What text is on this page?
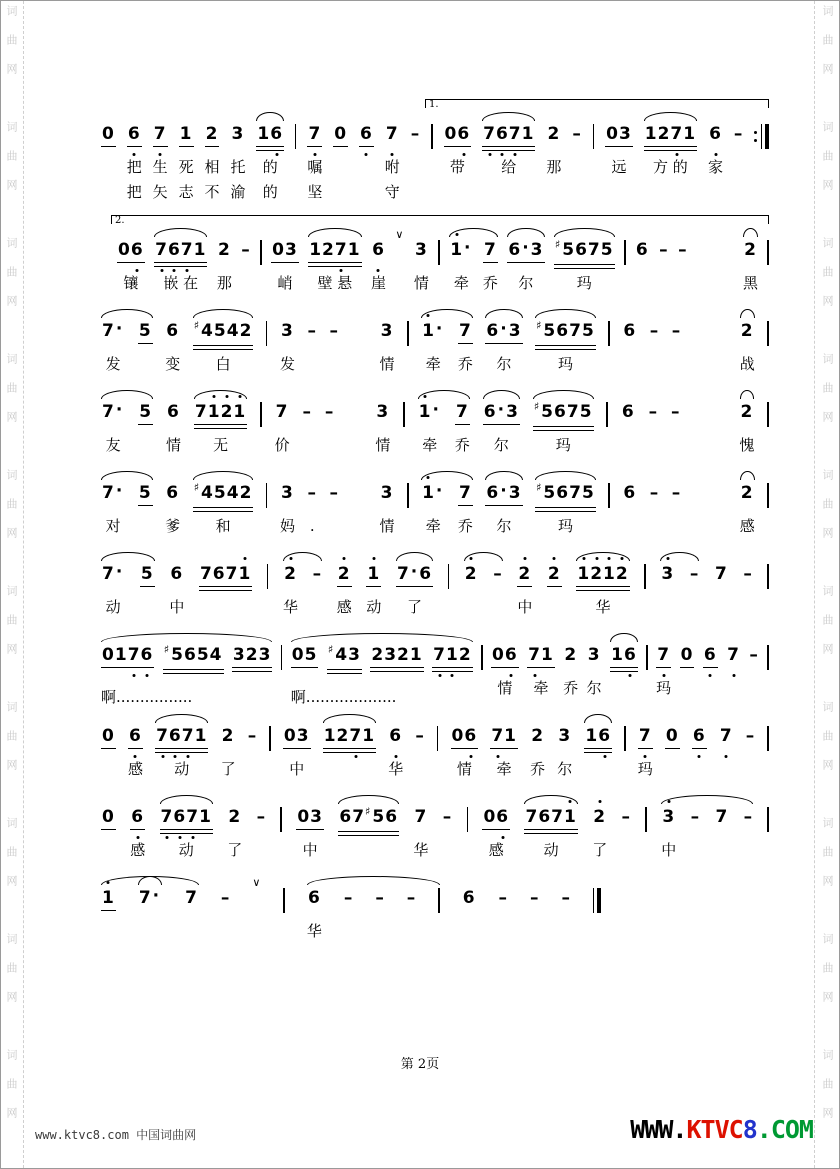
词曲网　词曲网　词曲网　词曲网　词曲网　词曲网　词曲网　词曲网　词曲网　词曲网	词曲网　词曲网　词曲网　词曲网　词曲网　词曲网　词曲网　词曲网　词曲网　词曲网
1.
0 6
把
把
7
生
矢
1
死
志
2
相
不
3
托
渝
16
的
的
7
嘱
坚
0 6 7
咐
守
– 06
带
7671
给
2
那
– 03
远
1271
方 的
6
家
–
2.
06
镶
7671
嵌 在
2
那
– 03
峭
1271
壁 悬
6
崖
∨
3
情
1·
牵
7
乔
6·3
尔
♯5675
玛
6 – –	2
黑
7·
发
5 6
变
♯4542
白
3
发
– – 3
情
1·
牵
7
乔
6·3
尔
♯5675
玛
6 – –	2
战
7·
友
5 6
情
7121
无
7
价
– – 3
情
1·
牵
7
乔
6·3
尔
♯5675
玛
6 – –	2
愧
7·
对
5 6
爹
♯4542
和
3
妈
–
.
– 3
情
1·
牵
7
乔
6·3
尔
♯5675
玛
6 – –	2
感
7·
动
5 6
中
7671 2
华
– 2
感
1
动
7·6
了
2 – 2
中
2 1212
华
3 – 7 –
0176
啊................
♯5654 323 05
啊...................
♯43 2321 712 06
情
71
牵
2
乔
3
尔
16 7
玛
0 6 7 –
0 6
感
7671
动
2
了
– 03
中
1271 6
华
– 06
情
71
牵
2
乔
3
尔
16 7
玛
0 6 7 –
0 6
感
7671
动
2
了
– 03
中
67♯56 7
华
– 06
感
7671
动
2
了
– 3
中
– 7 –
1 7· 7 –
∨
6
华
– – –	6 – – –
第 2页
www.ktvc8.com 中国词曲网	WWW.KTVC8.COM
